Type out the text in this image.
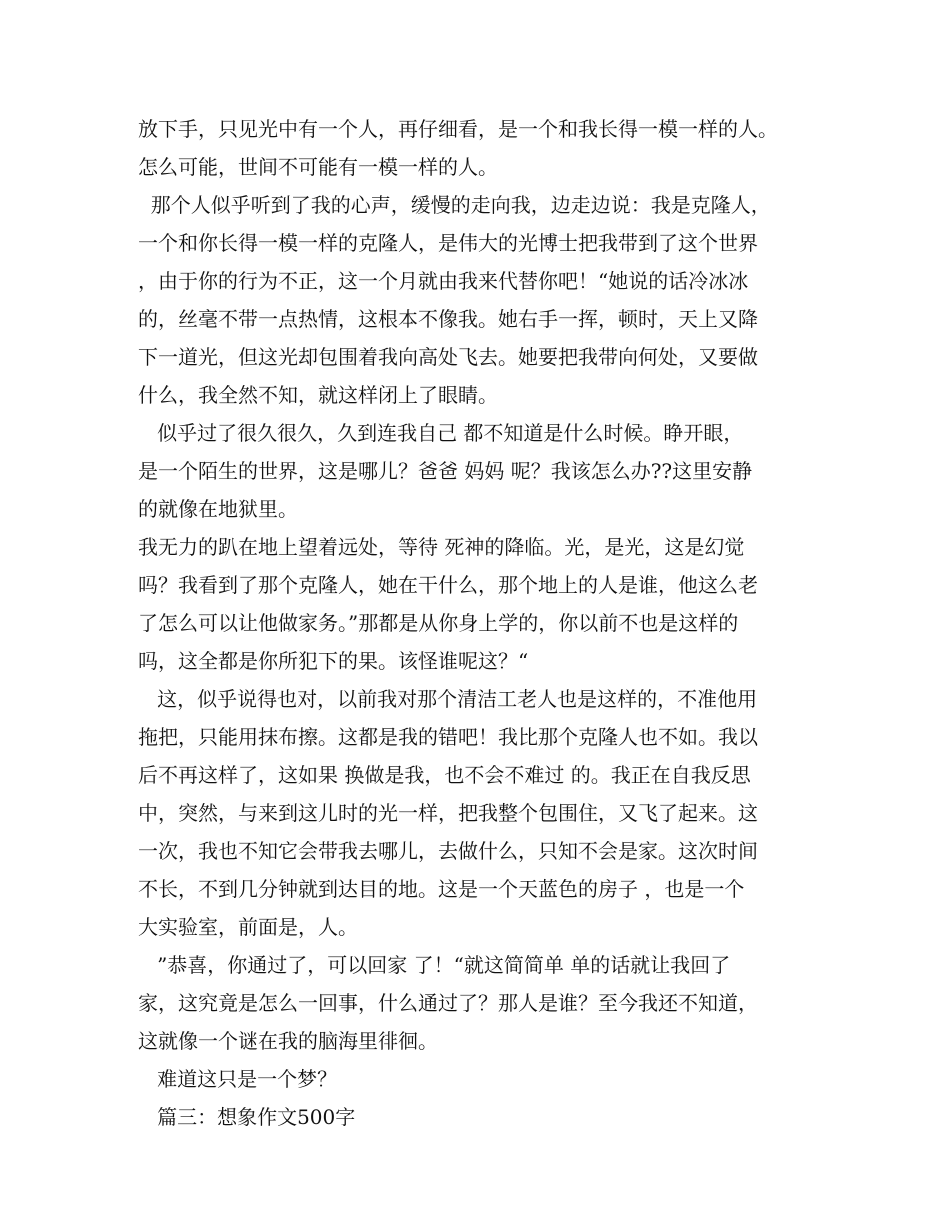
放下手，只见光中有一个人，再仔细看，是一个和我长得一模一样的人。
怎么可能，世间不可能有一模一样的人。
那个人似乎听到了我的心声，缓慢的走向我，边走边说：我是克隆人，
一个和你长得一模一样的克隆人，是伟大的光博士把我带到了这个世界
，由于你的行为不正，这一个月就由我来代替你吧！“她说的话冷冰冰
的，丝毫不带一点热情，这根本不像我。她右手一挥，顿时，天上又降
下一道光，但这光却包围着我向高处飞去。她要把我带向何处，又要做
什么，我全然不知，就这样闭上了眼睛。
似乎过了很久很久，久到连我自己 都不知道是什么时候。睁开眼，
是一个陌生的世界，这是哪儿？爸爸 妈妈 呢？我该怎么办??这里安静
的就像在地狱里。
我无力的趴在地上望着远处，等待 死神的降临。光，是光，这是幻觉
吗？我看到了那个克隆人，她在干什么，那个地上的人是谁，他这么老
了怎么可以让他做家务。”那都是从你身上学的，你以前不也是这样的
吗，这全都是你所犯下的果。该怪谁呢这？“
这，似乎说得也对，以前我对那个清洁工老人也是这样的，不准他用
拖把，只能用抹布擦。这都是我的错吧！我比那个克隆人也不如。我以
后不再这样了，这如果 换做是我，也不会不难过 的。我正在自我反思
中，突然，与来到这儿时的光一样，把我整个包围住，又飞了起来。这
一次，我也不知它会带我去哪儿，去做什么，只知不会是家。这次时间
不长，不到几分钟就到达目的地。这是一个天蓝色的房子 ，也是一个
大实验室，前面是，人。
”恭喜，你通过了，可以回家 了！“就这简简单 单的话就让我回了
家，这究竟是怎么一回事，什么通过了？那人是谁？至今我还不知道，
这就像一个谜在我的脑海里徘徊。
难道这只是一个梦？
篇三：想象作文500字
